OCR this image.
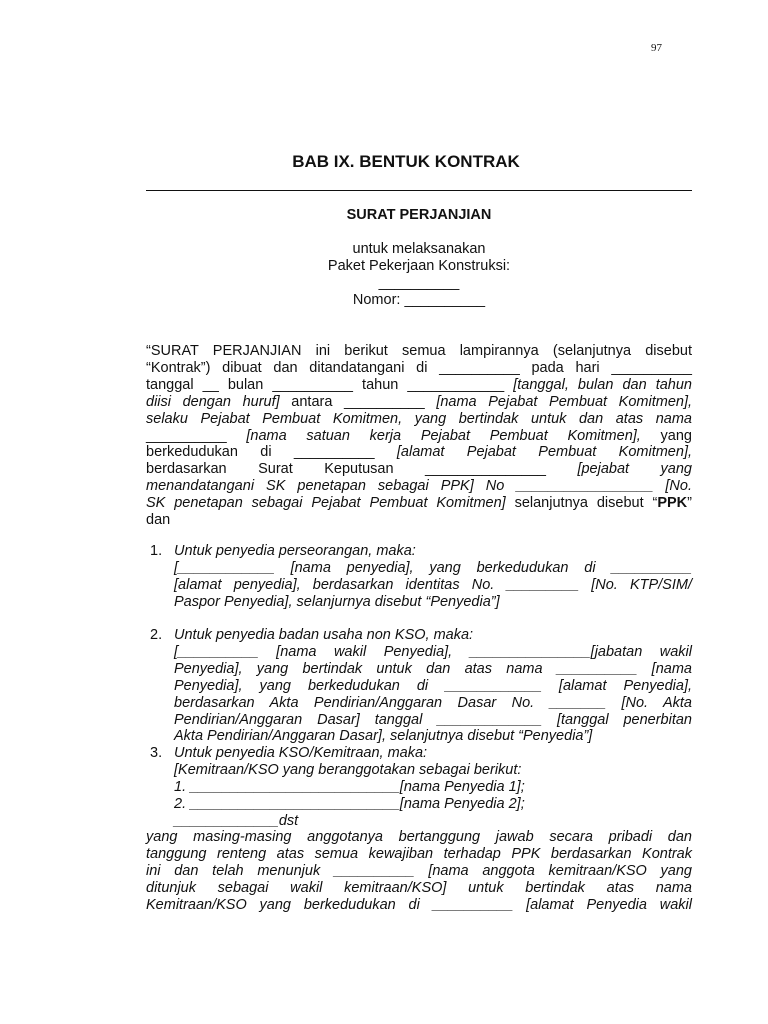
97
BAB IX. BENTUK KONTRAK
SURAT PERJANJIAN
untuk melaksanakan
Paket Pekerjaan Konstruksi:
__________
Nomor: __________
“SURAT PERJANJIAN ini berikut semua lampirannya (selanjutnya disebut
“Kontrak”) dibuat dan ditandatangani di __________ pada hari __________
tanggal __ bulan __________ tahun ____________ [tanggal, bulan dan tahun
diisi dengan huruf] antara __________ [nama Pejabat Pembuat Komitmen],
selaku Pejabat Pembuat Komitmen, yang bertindak untuk dan atas nama
__________ [nama satuan kerja Pejabat Pembuat Komitmen], yang
berkedudukan di __________ [alamat Pejabat Pembuat Komitmen],
berdasarkan Surat Keputusan _______________ [pejabat yang
menandatangani SK penetapan sebagai PPK] No _________________ [No.
SK penetapan sebagai Pejabat Pembuat Komitmen] selanjutnya disebut “PPK”
dan
1. Untuk penyedia perseorangan, maka:
[____________ [nama penyedia], yang berkedudukan di __________
[alamat penyedia], berdasarkan identitas No. _________ [No. KTP/SIM/
Paspor Penyedia], selanjurnya disebut “Penyedia”]
2. Untuk penyedia badan usaha non KSO, maka:
[__________ [nama wakil Penyedia], _______________[jabatan wakil
Penyedia], yang bertindak untuk dan atas nama __________ [nama
Penyedia], yang berkedudukan di ____________ [alamat Penyedia],
berdasarkan Akta Pendirian/Anggaran Dasar No. _______ [No. Akta
Pendirian/Anggaran Dasar] tanggal _____________ [tanggal penerbitan
Akta Pendirian/Anggaran Dasar], selanjutnya disebut “Penyedia”]
3. Untuk penyedia KSO/Kemitraan, maka:
[Kemitraan/KSO yang beranggotakan sebagai berikut:
1. __________________________[nama Penyedia 1];
2. __________________________[nama Penyedia 2];
_____________dst
yang masing-masing anggotanya bertanggung jawab secara pribadi dan
tanggung renteng atas semua kewajiban terhadap PPK berdasarkan Kontrak
ini dan telah menunjuk __________ [nama anggota kemitraan/KSO yang
ditunjuk sebagai wakil kemitraan/KSO] untuk bertindak atas nama
Kemitraan/KSO yang berkedudukan di __________ [alamat Penyedia wakil
